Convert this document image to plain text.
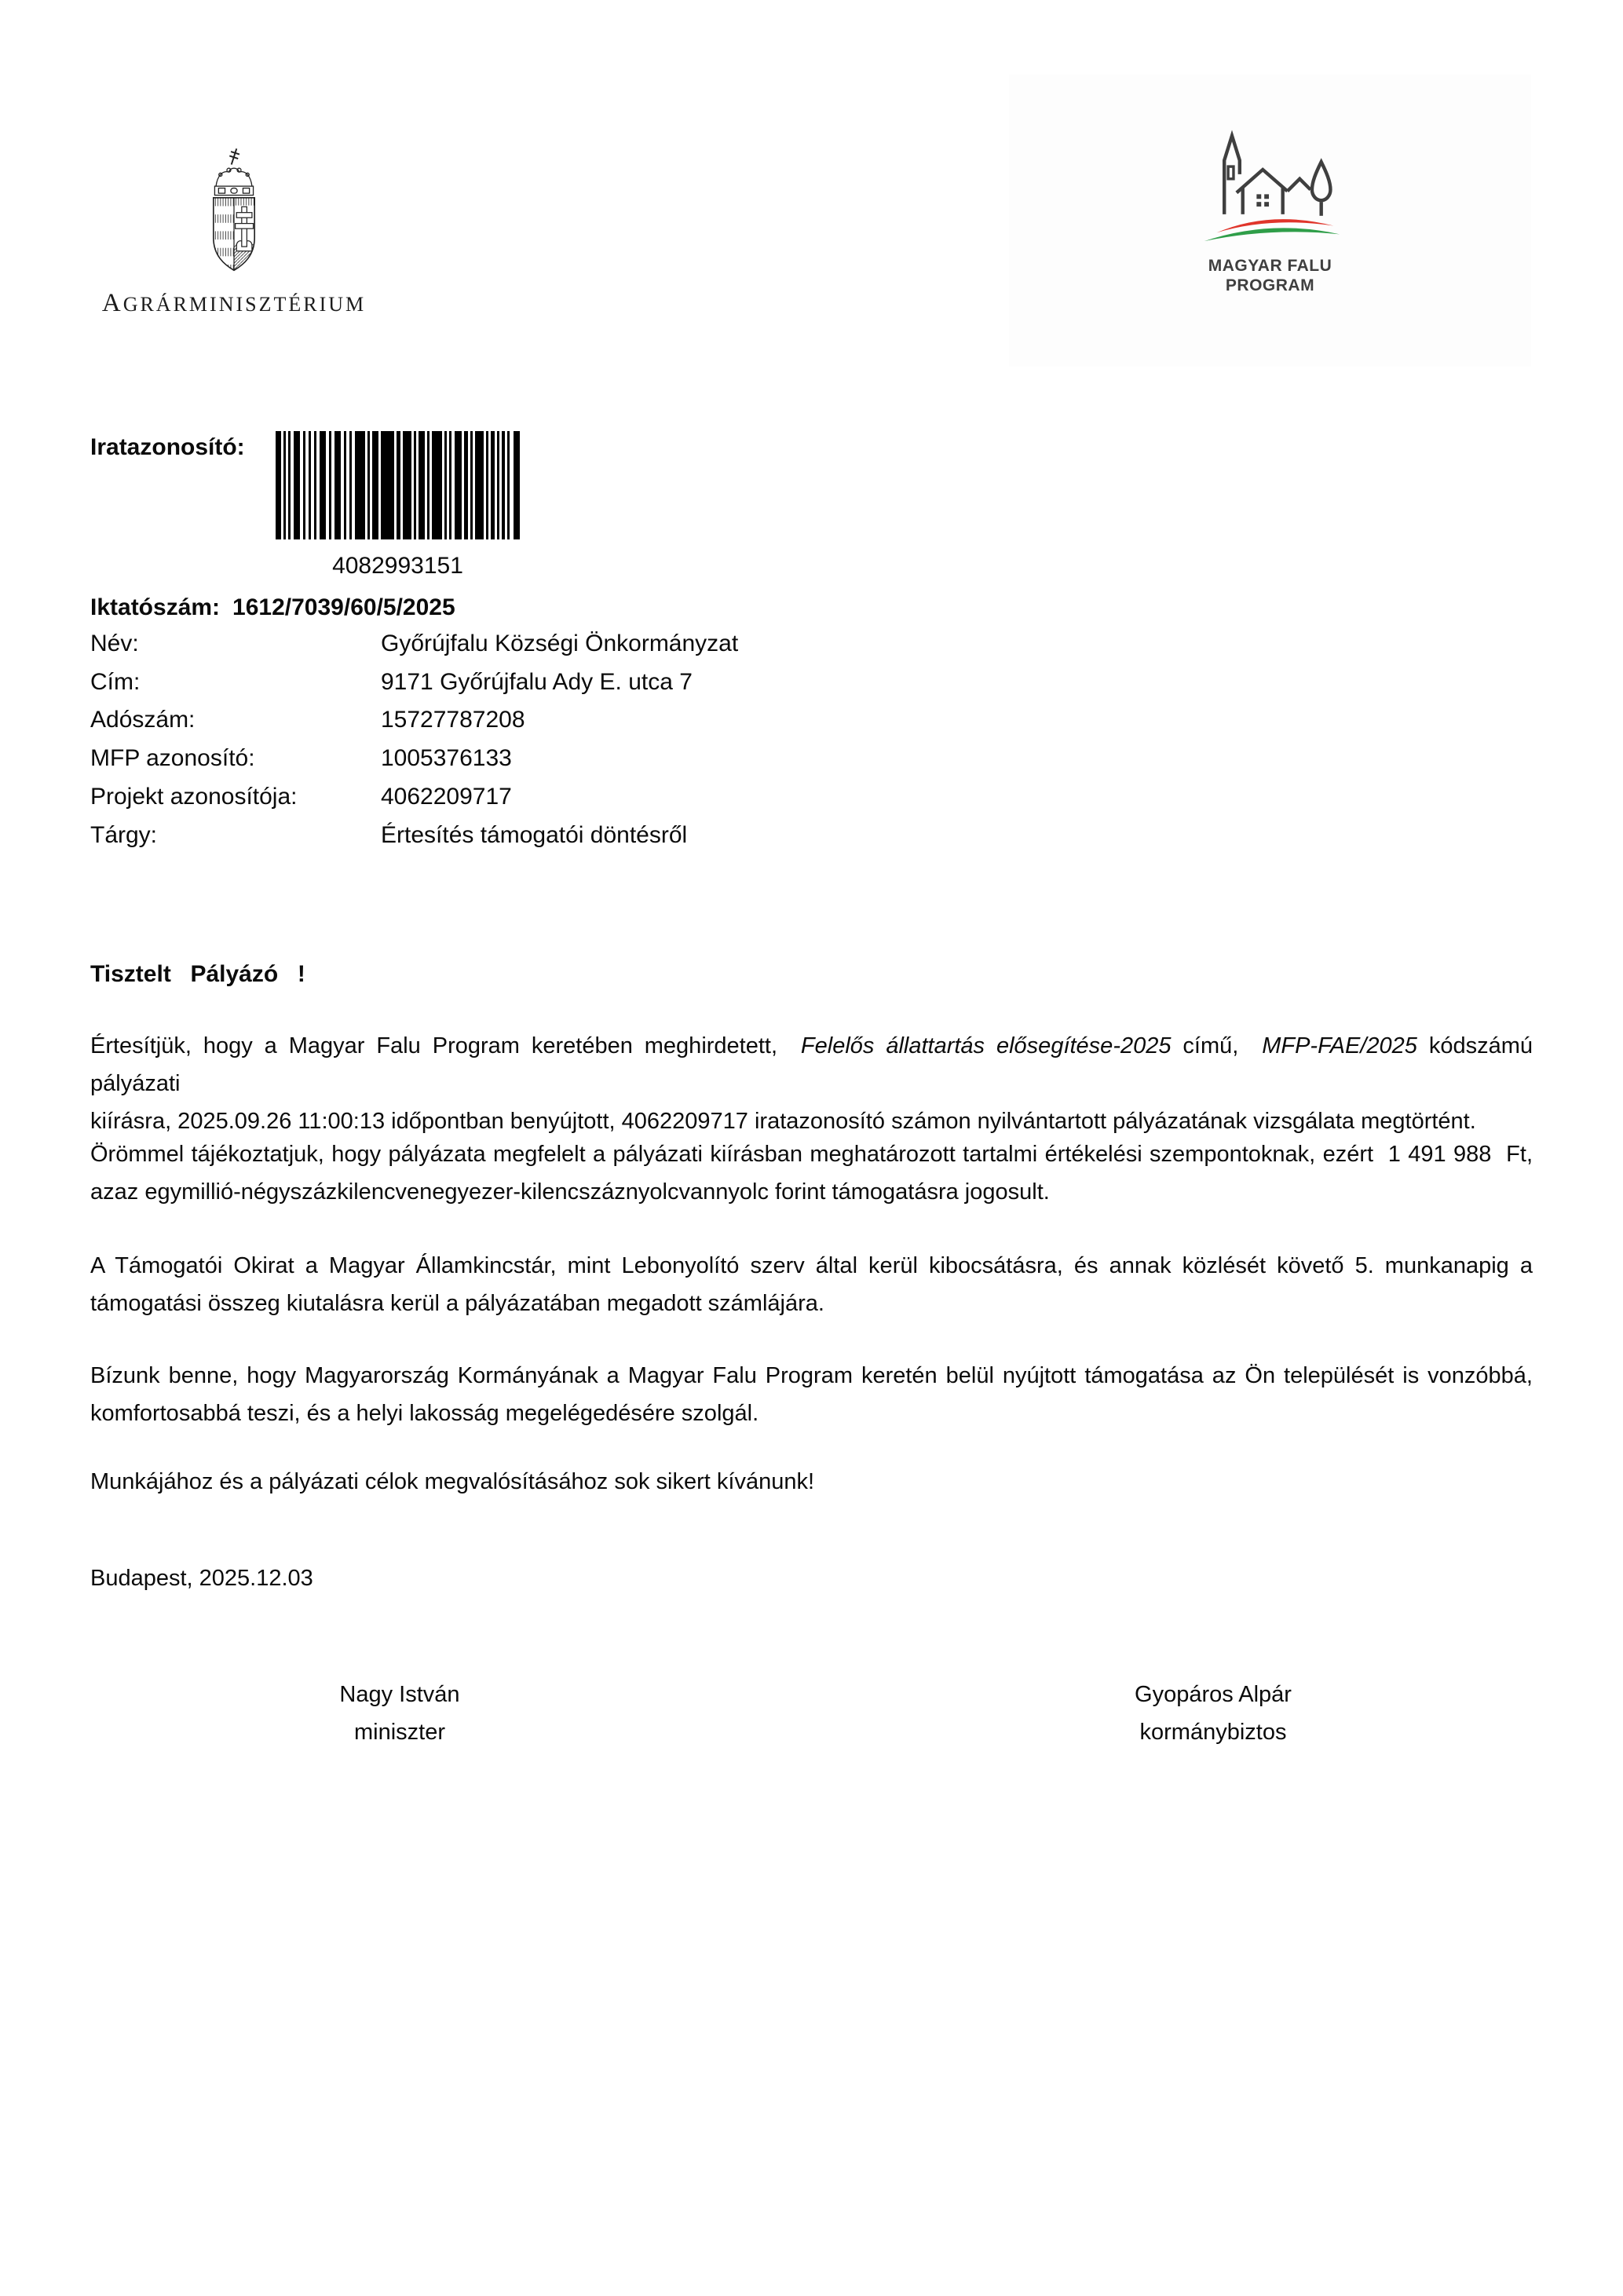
AGRÁRMINISZTÉRIUM
MAGYAR FALU
PROGRAM
Iratazonosító:
4082993151
Iktatószám: 1612/7039/60/5/2025
Név:	Győrújfalu Községi Önkormányzat
Cím:	9171 Győrújfalu Ady E. utca 7
Adószám:	15727787208
MFP azonosító:	1005376133
Projekt azonosítója:	4062209717
Tárgy:	Értesítés támogatói döntésről
Tisztelt  Pályázó  !
Értesítjük, hogy a Magyar Falu Program keretében meghirdetett,  Felelős állattartás elősegítése-2025 című,  MFP-FAE/2025 kódszámú   pályázati
kiírásra, 2025.09.26 11:00:13 időpontban benyújtott, 4062209717 iratazonosító számon nyilvántartott pályázatának vizsgálata megtörtént.
Örömmel tájékoztatjuk, hogy pályázata megfelelt a pályázati kiírásban meghatározott tartalmi értékelési szempontoknak, ezért  1 491 988  Ft,
azaz egymillió-négyszázkilencvenegyezer-kilencszáznyolcvannyolc forint támogatásra jogosult.
A Támogatói Okirat a Magyar Államkincstár, mint Lebonyolító szerv által kerül kibocsátásra, és annak közlését követő 5. munkanapig a
támogatási összeg kiutalásra kerül a pályázatában megadott számlájára.
Bízunk benne, hogy Magyarország Kormányának a Magyar Falu Program keretén belül nyújtott támogatása az Ön települését is vonzóbbá,
komfortosabbá teszi, és a helyi lakosság megelégedésére szolgál.
Munkájához és a pályázati célok megvalósításához sok sikert kívánunk!
Budapest, 2025.12.03
Nagy István
miniszter
Gyopáros Alpár
kormánybiztos
